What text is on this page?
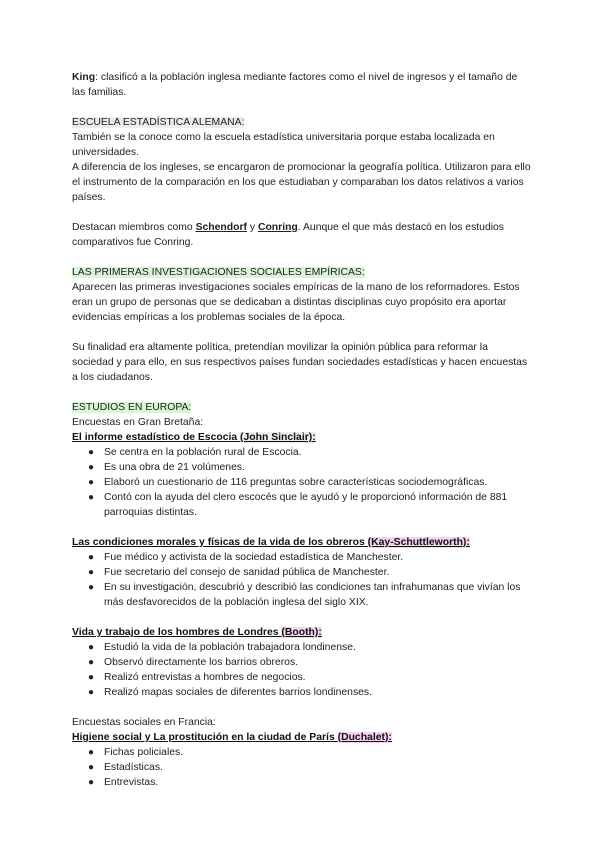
King: clasificó a la población inglesa mediante factores como el nivel de ingresos y el tamaño de las familias.

ESCUELA ESTADÍSTICA ALEMANA:

También se la conoce como la escuela estadística universitaria porque estaba localizada en universidades.

A diferencia de los ingleses, se encargaron de promocionar la geografía política. Utilizaron para ello el instrumento de la comparación en los que estudiaban y comparaban los datos relativos a varios países.

Destacan miembros como Schendorf y Conring. Aunque el que más destacó en los estudios comparativos fue Conring.

LAS PRIMERAS INVESTIGACIONES SOCIALES EMPÍRICAS:

Aparecen las primeras investigaciones sociales empíricas de la mano de los reformadores. Estos eran un grupo de personas que se dedicaban a distintas disciplinas cuyo propósito era aportar evidencias empíricas a los problemas sociales de la época.

Su finalidad era altamente política, pretendían movilizar la opinión pública para reformar la sociedad y para ello, en sus respectivos países fundan sociedades estadísticas y hacen encuestas a los ciudadanos.

ESTUDIOS EN EUROPA:

Encuestas en Gran Bretaña:

El informe estadístico de Escocia (John Sinclair):

● Se centra en la población rural de Escocia.
● Es una obra de 21 volúmenes.
● Elaboró un cuestionario de 116 preguntas sobre características sociodemográficas.
● Contó con la ayuda del clero escocés que le ayudó y le proporcionó información de 881 parroquias distintas.

Las condiciones morales y físicas de la vida de los obreros (Kay-Schuttleworth):

● Fue médico y activista de la sociedad estadística de Manchester.
● Fue secretario del consejo de sanidad pública de Manchester.
● En su investigación, descubrió y describió las condiciones tan infrahumanas que vivían los más desfavorecidos de la población inglesa del siglo XIX.

Vida y trabajo de los hombres de Londres (Booth):

● Estudió la vida de la población trabajadora londinense.
● Observó directamente los barrios obreros.
● Realizó entrevistas a hombres de negocios.
● Realizó mapas sociales de diferentes barrios londinenses.

Encuestas sociales en Francia:

Higiene social y La prostitución en la ciudad de París (Duchalet):

● Fichas policiales.
● Estadísticas.
● Entrevistas.
